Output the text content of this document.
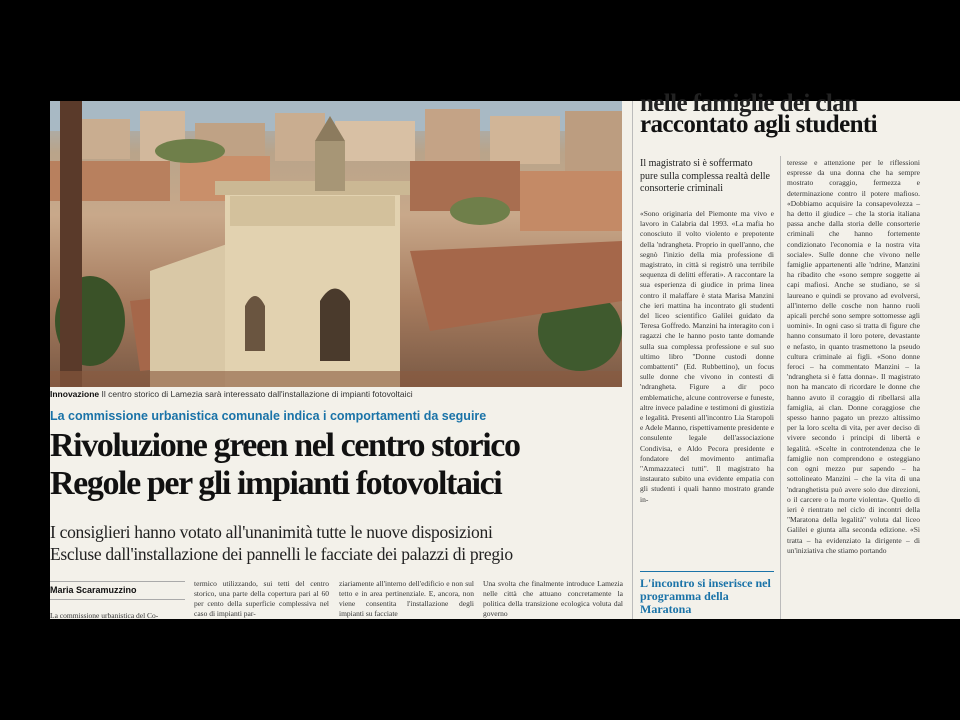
Innovazione Il centro storico di Lamezia sarà interessato dall'installazione di impianti fotovoltaici
La commissione urbanistica comunale indica i comportamenti da seguire
Rivoluzione green nel centro storico
Regole per gli impianti fotovoltaici
I consiglieri hanno votato all'unanimità tutte le nuove disposizioni
Escluse dall'installazione dei pannelli le facciate dei palazzi di pregio
Maria Scaramuzzino
La commissione urbanistica del Co-
termico utilizzando, sui tetti del centro storico, una parte della copertura pari al 60 per cento della superficie complessiva nel caso di impianti par-
ziariamente all'interno dell'edificio e non sul tetto e in area pertinenziale. E, ancora, non viene consentita l'installazione degli impianti su facciate
Una svolta che finalmente introduce Lamezia nelle città che attuano concretamente la politica della transizione ecologica voluta dal governo
nelle famiglie dei clan
raccontato agli studenti
Il magistrato si è soffermato pure sulla complessa realtà delle consorterie criminali
«Sono originaria del Piemonte ma vivo e lavoro in Calabria dal 1993. «La mafia ho conosciuto il volto violento e prepotente della 'ndrangheta. Proprio in quell'anno, che segnò l'inizio della mia professione di magistrato, in città si registrò una terribile sequenza di delitti efferati». A raccontare la sua esperienza di giudice in prima linea contro il malaffare è stata Marisa Manzini che ieri mattina ha incontrato gli studenti del liceo scientifico Galilei guidato da Teresa Goffredo. Manzini ha interagito con i ragazzi che le hanno posto tante domande sulla sua complessa professione e sul suo ultimo libro "Donne custodi donne combattenti" (Ed. Rubbettino), un focus sulle donne che vivono in contesti di 'ndrangheta. Figure a dir poco emblematiche, alcune controverse e funeste, altre invece paladine e testimoni di giustizia e legalità. Presenti all'incontro Lia Staropoli e Adele Manno, rispettivamente presidente e consulente legale dell'associazione Condivisa, e Aldo Pecora presidente e fondatore del movimento antimafia "Ammazzateci tutti". Il magistrato ha instaurato subito una evidente empatia con gli studenti i quali hanno mostrato grande in-
teresse e attenzione per le riflessioni espresse da una donna che ha sempre mostrato coraggio, fermezza e determinazione contro il potere mafioso. «Dobbiamo acquisire la consapevolezza – ha detto il giudice – che la storia italiana passa anche dalla storia delle consorterie criminali che hanno fortemente condizionato l'economia e la nostra vita sociale». Sulle donne che vivono nelle famiglie appartenenti alle 'ndrine, Manzini ha ribadito che «sono sempre soggette ai capi mafiosi. Anche se studiano, se si laureano e quindi se provano ad evolversi, all'interno delle cosche non hanno ruoli apicali perché sono sempre sottomesse agli uomini». In ogni caso si tratta di figure che hanno consumato il loro potere, devastante e nefasto, in quanto trasmettono la pseudo cultura criminale ai figli. «Sono donne feroci – ha commentato Manzini – la 'ndrangheta si è fatta donna». Il magistrato non ha mancato di ricordare le donne che hanno avuto il coraggio di ribellarsi alla famiglia, ai clan. Donne coraggiose che spesso hanno pagato un prezzo altissimo per la loro scelta di vita, per aver deciso di vivere secondo i principi di libertà e legalità. «Scelte in controtendenza che le famiglie non comprendono e osteggiano con ogni mezzo pur sapendo – ha sottolineato Manzini – che la vita di una 'ndranghetista può avere solo due direzioni, o il carcere o la morte violenta». Quello di ieri è rientrato nel ciclo di incontri della "Maratona della legalità" voluta dal liceo Galilei e giunta alla seconda edizione. «Si tratta – ha evidenziato la dirigente – di un'iniziativa che stiamo portando
L'incontro si inserisce nel programma della Maratona
